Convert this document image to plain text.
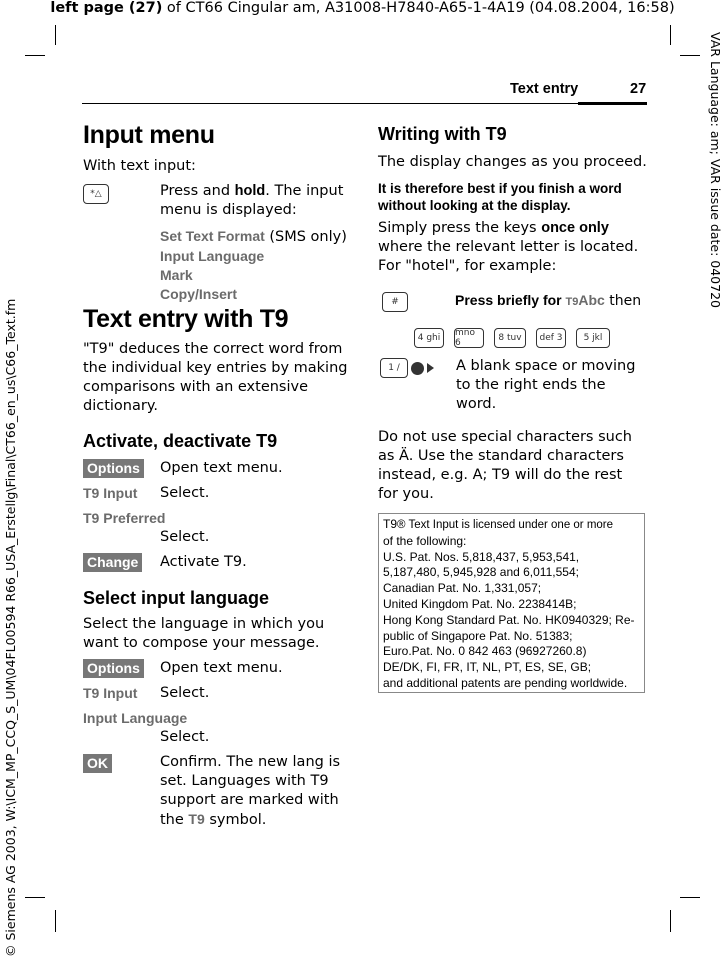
left page (27) of CT66 Cingular am, A31008-H7840-A65-1-4A19 (04.08.2004, 16:58)
© Siemens AG 2003, W:\ICM_MP_CCQ_S_UM\04FL00594 R66_USA_Erstellg\Final\CT66_en_us\C66_Text.fm
VAR Language: am; VAR issue date: 040720
Text entry	27
Input menu
With text input:
*△	Press and hold. The input menu is displayed:
Set Text Format (SMS only)
Input Language
Mark
Copy/Insert
Text entry with T9
"T9" deduces the correct word from the individual key entries by making comparisons with an extensive dictionary.
Activate, deactivate T9
Options Open text menu.
T9 Input Select.
T9 Preferred
Select.
Change Activate T9.
Select input language
Select the language in which you want to compose your message.
Options Open text menu.
T9 Input Select.
Input Language
Select.
OK	Confirm. The new lang is set. Languages with T9 support are marked with the T9 symbol.
Writing with T9
The display changes as you proceed.
It is therefore best if you finish a word without looking at the display.
Simply press the keys once only where the relevant letter is located. For "hotel", for example:
#	Press briefly for T9Abc then
4 ghi	mno 6	8 tuv	def 3	5 jkl
1 /	A blank space or moving to the right ends the word.
Do not use special characters such as Ä. Use the standard characters instead, e.g. A; T9 will do the rest for you.
T9® Text Input is licensed under one or more
of the following:
U.S. Pat. Nos. 5,818,437, 5,953,541,
5,187,480, 5,945,928 and 6,011,554;
Canadian Pat. No. 1,331,057;
United Kingdom Pat. No. 2238414B;
Hong Kong Standard Pat. No. HK0940329; Re-
public of Singapore Pat. No. 51383;
Euro.Pat. No. 0 842 463 (96927260.8)
DE/DK, FI, FR, IT, NL, PT, ES, SE, GB;
and additional patents are pending worldwide.
